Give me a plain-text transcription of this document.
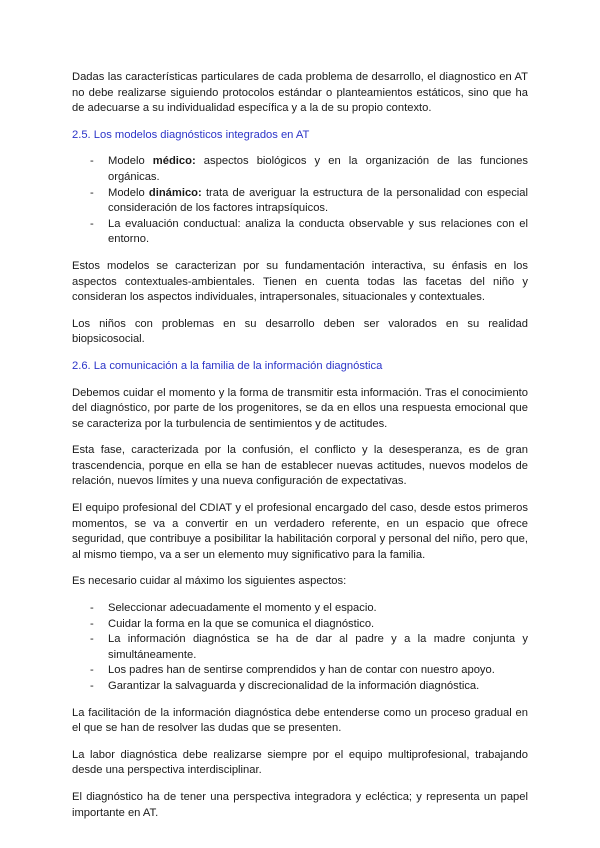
Dadas las características particulares de cada problema de desarrollo, el diagnostico en AT no debe realizarse siguiendo protocolos estándar o planteamientos estáticos, sino que ha de adecuarse a su individualidad específica y a la de su propio contexto.

2.5. Los modelos diagnósticos integrados en AT
- Modelo médico: aspectos biológicos y en la organización de las funciones orgánicas.
- Modelo dinámico: trata de averiguar la estructura de la personalidad con especial consideración de los factores intrapsíquicos.
- La evaluación conductual: analiza la conducta observable y sus relaciones con el entorno.

Estos modelos se caracterizan por su fundamentación interactiva, su énfasis en los aspectos contextuales-ambientales. Tienen en cuenta todas las facetas del niño y consideran los aspectos individuales, intrapersonales, situacionales y contextuales.

Los niños con problemas en su desarrollo deben ser valorados en su realidad biopsicosocial.

2.6. La comunicación a la familia de la información diagnóstica

Debemos cuidar el momento y la forma de transmitir esta información. Tras el conocimiento del diagnóstico, por parte de los progenitores, se da en ellos una respuesta emocional que se caracteriza por la turbulencia de sentimientos y de actitudes.

Esta fase, caracterizada por la confusión, el conflicto y la desesperanza, es de gran trascendencia, porque en ella se han de establecer nuevas actitudes, nuevos modelos de relación, nuevos límites y una nueva configuración de expectativas.

El equipo profesional del CDIAT y el profesional encargado del caso, desde estos primeros momentos, se va a convertir en un verdadero referente, en un espacio que ofrece seguridad, que contribuye a posibilitar la habilitación corporal y personal del niño, pero que, al mismo tiempo, va a ser un elemento muy significativo para la familia.

Es necesario cuidar al máximo los siguientes aspectos:

- Seleccionar adecuadamente el momento y el espacio.
- Cuidar la forma en la que se comunica el diagnóstico.
- La información diagnóstica se ha de dar al padre y a la madre conjunta y simultáneamente.
- Los padres han de sentirse comprendidos y han de contar con nuestro apoyo.
- Garantizar la salvaguarda y discrecionalidad de la información diagnóstica.

La facilitación de la información diagnóstica debe entenderse como un proceso gradual en el que se han de resolver las dudas que se presenten.

La labor diagnóstica debe realizarse siempre por el equipo multiprofesional, trabajando desde una perspectiva interdisciplinar.

El diagnóstico ha de tener una perspectiva integradora y ecléctica; y representa un papel importante en AT.
